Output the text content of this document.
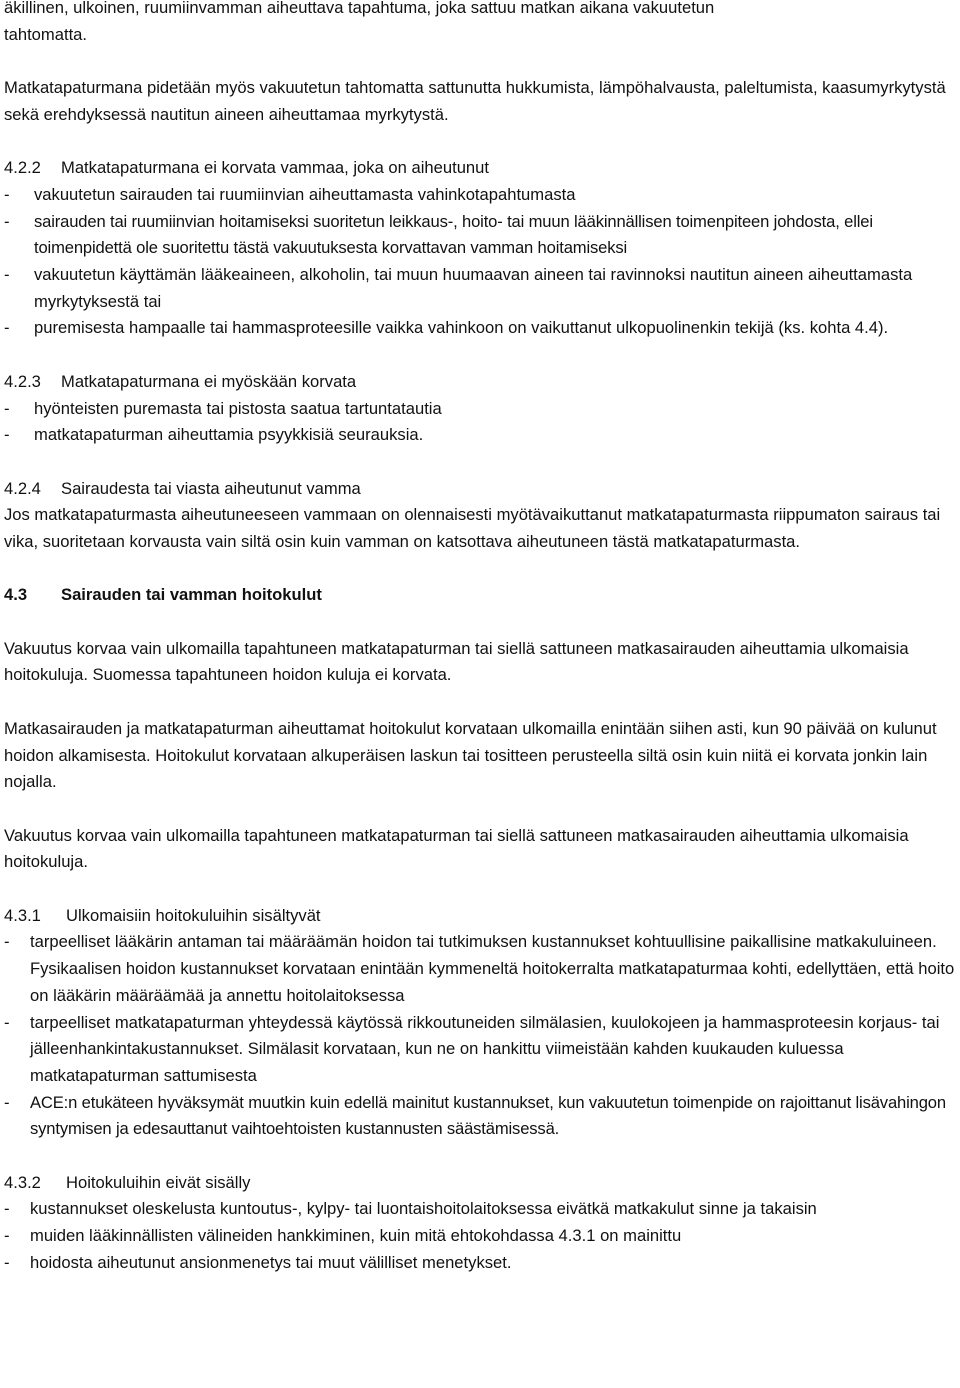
äkillinen, ulkoinen, ruumiinvamman aiheuttava tapahtuma, joka sattuu matkan aikana vakuutetun

tahtomatta.

Matkatapaturmana pidetään myös vakuutetun tahtomatta sattunutta hukkumista, lämpöhalvausta, paleltumista, kaasumyrkytystä sekä erehdyksessä nautitun aineen aiheuttamaa myrkytystä.

4.2.2 Matkatapaturmana ei korvata vammaa, joka on aiheutunut

-	vakuutetun sairauden tai ruumiinvian aiheuttamasta vahinkotapahtumasta
-	sairauden tai ruumiinvian hoitamiseksi suoritetun leikkaus-, hoito- tai muun lääkinnällisen toimenpiteen johdosta, ellei toimenpidettä ole suoritettu tästä vakuutuksesta korvattavan vamman hoitamiseksi
-	vakuutetun käyttämän lääkeaineen, alkoholin, tai muun huumaavan aineen tai ravinnoksi nautitun aineen aiheuttamasta myrkytyksestä tai
-	puremisesta hampaalle tai hammasproteesille vaikka vahinkoon on vaikuttanut ulkopuolinenkin tekijä (ks. kohta 4.4).

4.2.3 Matkatapaturmana ei myöskään korvata

-	hyönteisten puremasta tai pistosta saatua tartuntatautia
-	matkatapaturman aiheuttamia psyykkisiä seurauksia.

4.2.4 Sairaudesta tai viasta aiheutunut vamma

Jos matkatapaturmasta aiheutuneeseen vammaan on olennaisesti myötävaikuttanut matkatapaturmasta riippumaton sairaus tai vika, suoritetaan korvausta vain siltä osin kuin vamman on katsottava aiheutuneen tästä matkatapaturmasta.

4.3 Sairauden tai vamman hoitokulut

Vakuutus korvaa vain ulkomailla tapahtuneen matkatapaturman tai siellä sattuneen matkasairauden aiheuttamia ulkomaisia hoitokuluja. Suomessa tapahtuneen hoidon kuluja ei korvata.

Matkasairauden ja matkatapaturman aiheuttamat hoitokulut korvataan ulkomailla enintään siihen asti, kun 90 päivää on kulunut hoidon alkamisesta. Hoitokulut korvataan alkuperäisen laskun tai tositteen perusteella siltä osin kuin niitä ei korvata jonkin lain nojalla.

Vakuutus korvaa vain ulkomailla tapahtuneen matkatapaturman tai siellä sattuneen matkasairauden aiheuttamia ulkomaisia hoitokuluja.

4.3.1 Ulkomaisiin hoitokuluihin sisältyvät

-	tarpeelliset lääkärin antaman tai määräämän hoidon tai tutkimuksen kustannukset kohtuullisine paikallisine matkakuluineen. Fysikaalisen hoidon kustannukset korvataan enintään kymmeneltä hoitokerralta matkatapaturmaa kohti, edellyttäen, että hoito on lääkärin määräämää ja annettu hoitolaitoksessa
-	tarpeelliset matkatapaturman yhteydessä käytössä rikkoutuneiden silmälasien, kuulokojeen ja hammasproteesin korjaus- tai jälleenhankintakustannukset. Silmälasit korvataan, kun ne on hankittu viimeistään kahden kuukauden kuluessa matkatapaturman sattumisesta
-	ACE:n etukäteen hyväksymät muutkin kuin edellä mainitut kustannukset, kun vakuutetun toimenpide on rajoittanut lisävahingon syntymisen ja edesauttanut vaihtoehtoisten kustannusten säästämisessä.

4.3.2 Hoitokuluihin eivät sisälly

-	kustannukset oleskelusta kuntoutus-, kylpy- tai luontaishoitolaitoksessa eivätkä matkakulut sinne ja takaisin
-	muiden lääkinnällisten välineiden hankkiminen, kuin mitä ehtokohdassa 4.3.1 on mainittu
-	hoidosta aiheutunut ansionmenetys tai muut välilliset menetykset.
